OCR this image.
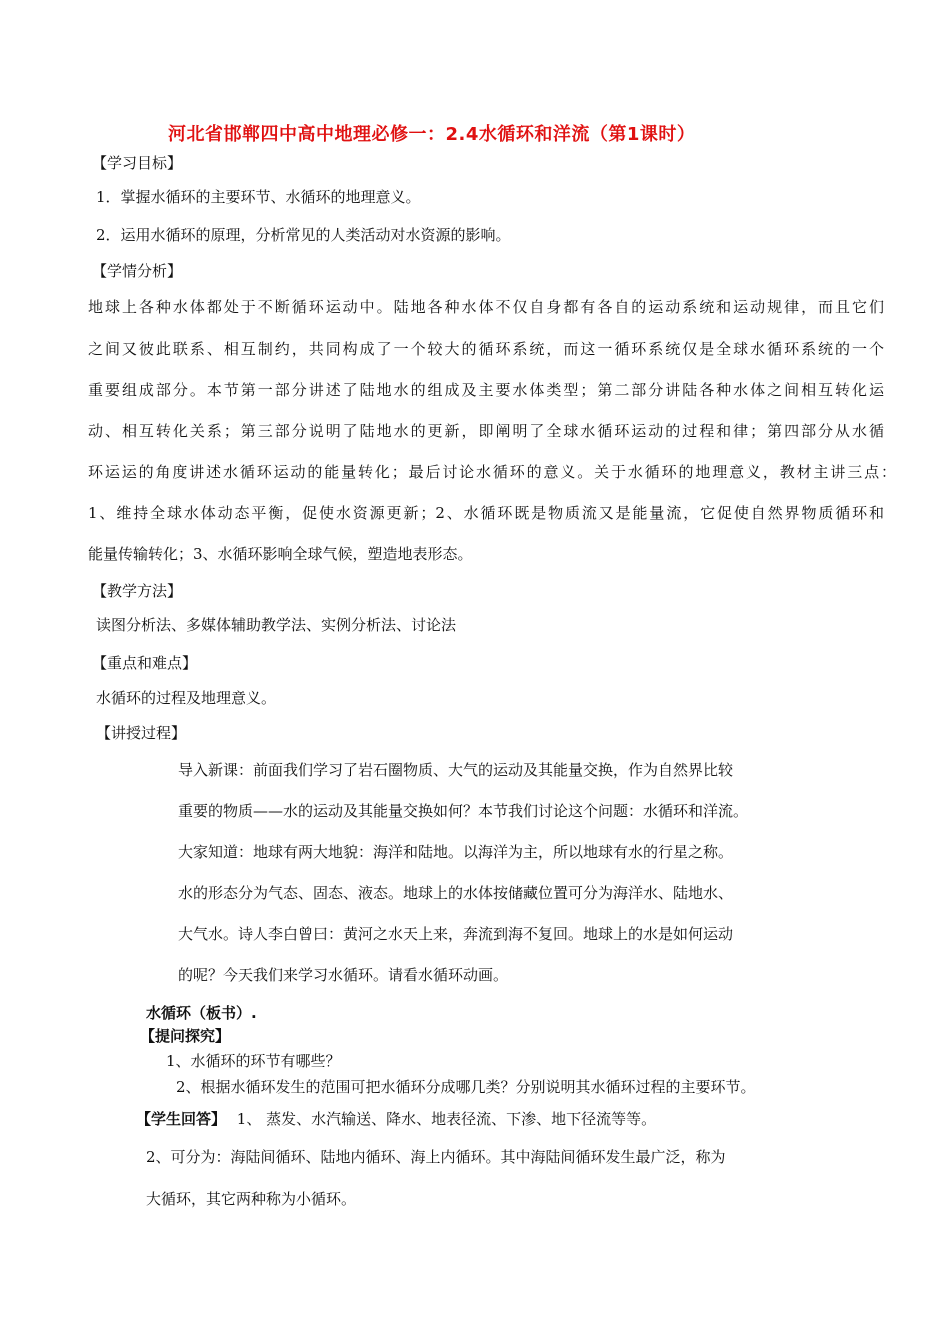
河北省邯郸四中高中地理必修一：2.4水循环和洋流（第1课时）
【学习目标】
1．掌握水循环的主要环节、水循环的地理意义。
2．运用水循环的原理，分析常见的人类活动对水资源的影响。
【学情分析】
地球上各种水体都处于不断循环运动中。陆地各种水体不仅自身都有各自的运动系统和运动规律，而且它们
之间又彼此联系、相互制约，共同构成了一个较大的循环系统，而这一循环系统仅是全球水循环系统的一个
重要组成部分。本节第一部分讲述了陆地水的组成及主要水体类型；第二部分讲陆各种水体之间相互转化运
动、相互转化关系；第三部分说明了陆地水的更新，即阐明了全球水循环运动的过程和律；第四部分从水循
环运运的角度讲述水循环运动的能量转化；最后讨论水循环的意义。关于水循环的地理意义，教材主讲三点：
1、维持全球水体动态平衡，促使水资源更新；2、水循环既是物质流又是能量流，它促使自然界物质循环和
能量传输转化；3、水循环影响全球气候，塑造地表形态。
【教学方法】
读图分析法、多媒体辅助教学法、实例分析法、讨论法
【重点和难点】
水循环的过程及地理意义。
【讲授过程】
导入新课：前面我们学习了岩石圈物质、大气的运动及其能量交换，作为自然界比较
重要的物质——水的运动及其能量交换如何？本节我们讨论这个问题：水循环和洋流。
大家知道：地球有两大地貌：海洋和陆地。以海洋为主，所以地球有水的行星之称。
水的形态分为气态、固态、液态。地球上的水体按储藏位置可分为海洋水、陆地水、
大气水。诗人李白曾曰：黄河之水天上来，奔流到海不复回。地球上的水是如何运动
的呢？今天我们来学习水循环。请看水循环动画。
水循环（板书）.
【提问探究】
1、水循环的环节有哪些？
2、根据水循环发生的范围可把水循环分成哪几类？分别说明其水循环过程的主要环节。
【学生回答】 1、 蒸发、水汽输送、降水、地表径流、下渗、地下径流等等。
2、可分为：海陆间循环、陆地内循环、海上内循环。其中海陆间循环发生最广泛，称为
大循环，其它两种称为小循环。
